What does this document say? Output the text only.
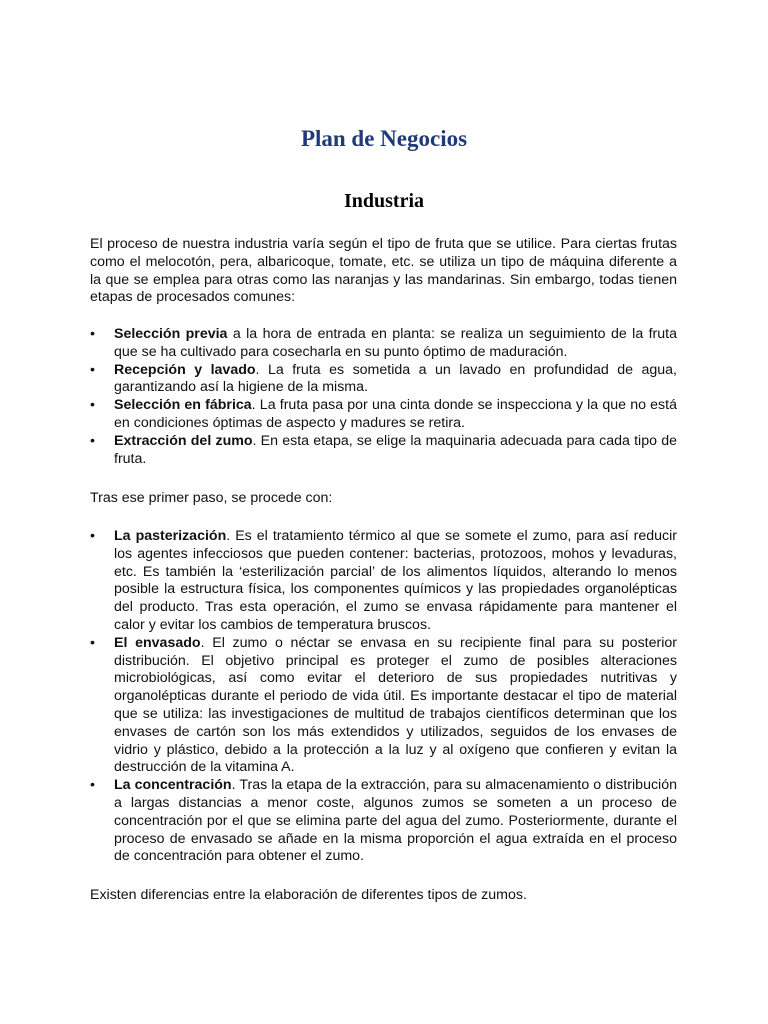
Plan de Negocios
Industria

El proceso de nuestra industria varía según el tipo de fruta que se utilice. Para ciertas frutas como el melocotón, pera, albaricoque, tomate, etc. se utiliza un tipo de máquina diferente a la que se emplea para otras como las naranjas y las mandarinas. Sin embargo, todas tienen etapas de procesados comunes:

• Selección previa a la hora de entrada en planta: se realiza un seguimiento de la fruta que se ha cultivado para cosecharla en su punto óptimo de maduración.
• Recepción y lavado. La fruta es sometida a un lavado en profundidad de agua, garantizando así la higiene de la misma.
• Selección en fábrica. La fruta pasa por una cinta donde se inspecciona y la que no está en condiciones óptimas de aspecto y madures se retira.
• Extracción del zumo. En esta etapa, se elige la maquinaria adecuada para cada tipo de fruta.

Tras ese primer paso, se procede con:

• La pasterización. Es el tratamiento térmico al que se somete el zumo, para así reducir los agentes infecciosos que pueden contener: bacterias, protozoos, mohos y levaduras, etc. Es también la ‘esterilización parcial’ de los alimentos líquidos, alterando lo menos posible la estructura física, los componentes químicos y las propiedades organolépticas del producto. Tras esta operación, el zumo se envasa rápidamente para mantener el calor y evitar los cambios de temperatura bruscos.
• El envasado. El zumo o néctar se envasa en su recipiente final para su posterior distribución. El objetivo principal es proteger el zumo de posibles alteraciones microbiológicas, así como evitar el deterioro de sus propiedades nutritivas y organolépticas durante el periodo de vida útil. Es importante destacar el tipo de material que se utiliza: las investigaciones de multitud de trabajos científicos determinan que los envases de cartón son los más extendidos y utilizados, seguidos de los envases de vidrio y plástico, debido a la protección a la luz y al oxígeno que confieren y evitan la destrucción de la vitamina A.
• La concentración. Tras la etapa de la extracción, para su almacenamiento o distribución a largas distancias a menor coste, algunos zumos se someten a un proceso de concentración por el que se elimina parte del agua del zumo. Posteriormente, durante el proceso de envasado se añade en la misma proporción el agua extraída en el proceso de concentración para obtener el zumo.

Existen diferencias entre la elaboración de diferentes tipos de zumos.
